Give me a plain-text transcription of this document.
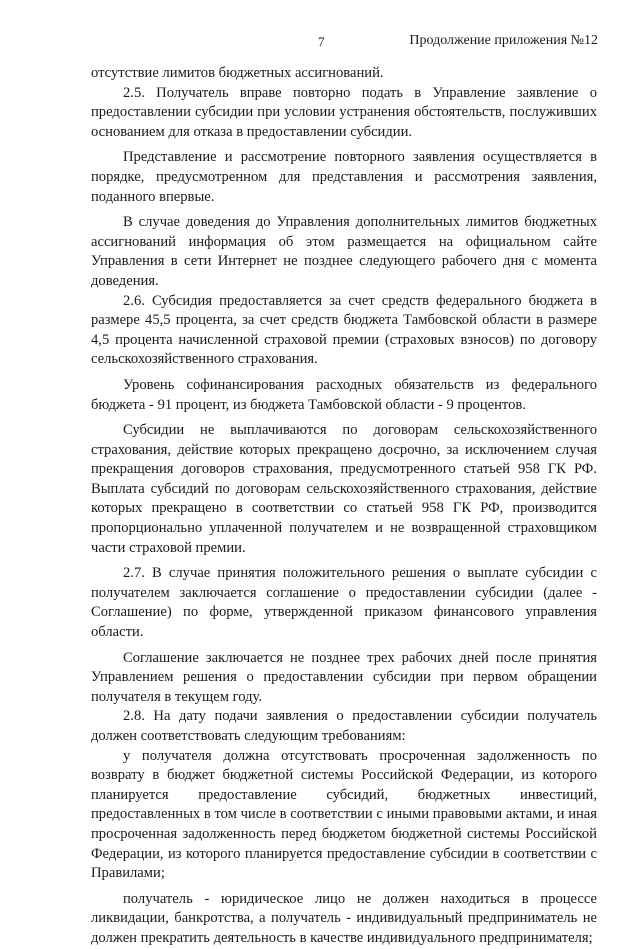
7	Продолжение приложения №12

отсутствие лимитов бюджетных ассигнований.

2.5. Получатель вправе повторно подать в Управление заявление о предоставлении субсидии при условии устранения обстоятельств, послуживших основанием для отказа в предоставлении субсидии.

Представление и рассмотрение повторного заявления осуществляется в порядке, предусмотренном для представления и рассмотрения заявления, поданного впервые.

В случае доведения до Управления дополнительных лимитов бюджетных ассигнований информация об этом размещается на официальном сайте Управления в сети Интернет не позднее следующего рабочего дня с момента доведения.

2.6. Субсидия предоставляется за счет средств федерального бюджета в размере 45,5 процента, за счет средств бюджета Тамбовской области в размере 4,5 процента начисленной страховой премии (страховых взносов) по договору сельскохозяйственного страхования.

Уровень софинансирования расходных обязательств из федерального бюджета - 91 процент, из бюджета Тамбовской области - 9 процентов.

Субсидии не выплачиваются по договорам сельскохозяйственного страхования, действие которых прекращено досрочно, за исключением случая прекращения договоров страхования, предусмотренного статьей 958 ГК РФ. Выплата субсидий по договорам сельскохозяйственного страхования, действие которых прекращено в соответствии со статьей 958 ГК РФ, производится пропорционально уплаченной получателем и не возвращенной страховщиком части страховой премии.

2.7. В случае принятия положительного решения о выплате субсидии с получателем заключается соглашение о предоставлении субсидии (далее - Соглашение) по форме, утвержденной приказом финансового управления области.

Соглашение заключается не позднее трех рабочих дней после принятия Управлением решения о предоставлении субсидии при первом обращении получателя в текущем году.

2.8. На дату подачи заявления о предоставлении субсидии получатель должен соответствовать следующим требованиям:

у получателя должна отсутствовать просроченная задолженность по возврату в бюджет бюджетной системы Российской Федерации, из которого планируется предоставление субсидий, бюджетных инвестиций, предоставленных в том числе в соответствии с иными правовыми актами, и иная просроченная задолженность перед бюджетом бюджетной системы Российской Федерации, из которого планируется предоставление субсидии в соответствии с Правилами;

получатель - юридическое лицо не должен находиться в процессе ликвидации, банкротства, а получатель - индивидуальный предприниматель не должен прекратить деятельность в качестве индивидуального предпринимателя;
